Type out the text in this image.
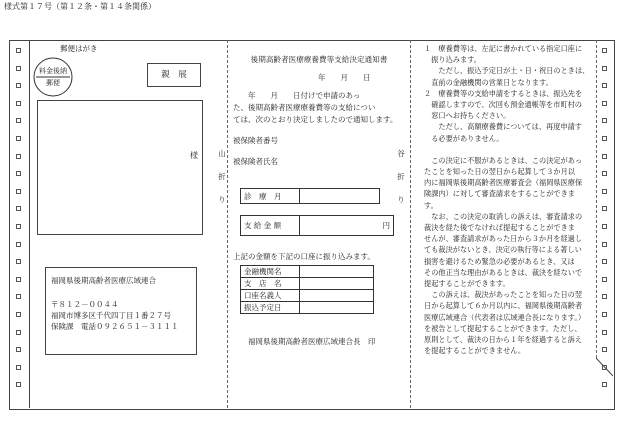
様式第１７号（第１２条・第１４条関係）
山
折
り
谷
折
り
郵便はがき
料金後納
郵便
親　展
様
福岡県後期高齢者医療広域連合
〒８１２－００４４
福岡市博多区千代四丁目１番２７号
保険課　電話０９２６５１－３１１１
後期高齢者医療療養費等支給決定通知書
年　　月　　日
　　年　　月　　日付けで申請のあっ
た、後期高齢者医療療養費等の支給につい
ては、次のとおり決定しましたので通知します。
被保険者番号
被保険者氏名
診　療　月	
支 給 金 額	円
上記の金額を下記の口座に振り込みます。
金融機関名	
支　店　名	
口座名義人	
振込予定日	
福岡県後期高齢者医療広域連合長　印
１　療養費等は、左記に書かれている指定口座に
　振り込みます。
　　ただし、振込予定日が土・日・祝日のときは、
　直前の金融機関の営業日となります。
２　療養費等の支給申請をするときは、振込先を
　確認しますので、次回も預金通帳等を市町村の
　窓口へお持ちください。
　　ただし、高額療養費については、再度申請す
　る必要がありません。
　この決定に不服があるときは、この決定があっ
たことを知った日の翌日から起算して３か月以
内に福岡県後期高齢者医療審査会（福岡県医療保
険課内）に対して審査請求をすることができま
す。
　なお、この決定の取消しの訴えは、審査請求の
裁決を経た後でなければ提起することができま
せんが、審査請求があった日から３か月を経過し
ても裁決がないとき、決定の執行等による著しい
損害を避けるため緊急の必要があるとき、又は
その他正当な理由があるときは、裁決を経ないで
提起することができます。
　この訴えは、裁決があったことを知った日の翌
日から起算して６か月以内に、福岡県後期高齢者
医療広域連合（代表者は広域連合長になります。）
を被告として提起することができます。ただし、
原則として、裁決の日から１年を経過すると訴え
を提起することができません。
